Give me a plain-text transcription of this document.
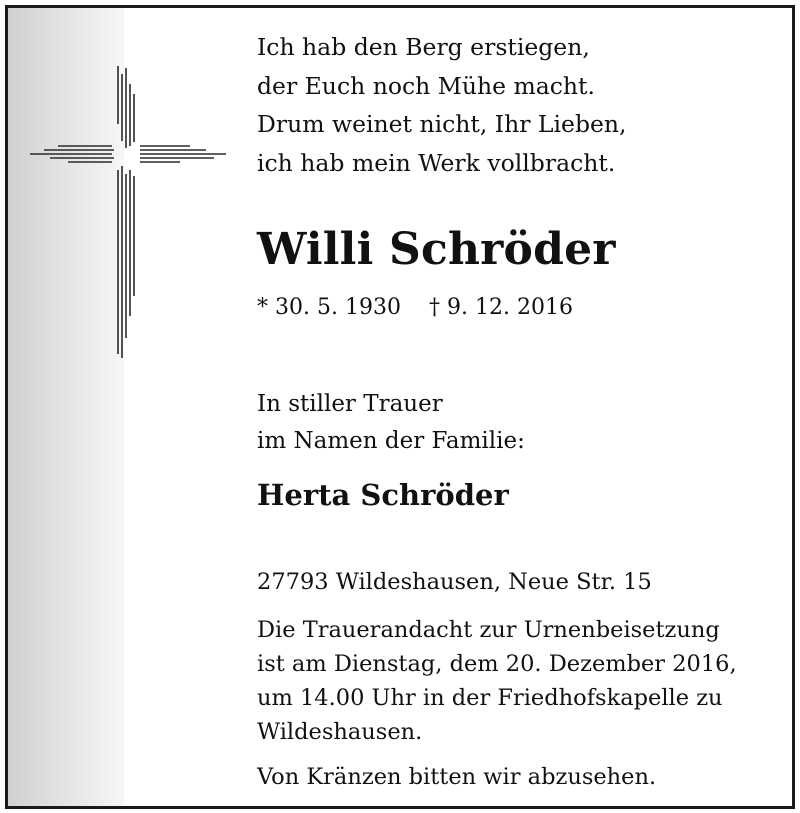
Ich hab den Berg erstiegen,
der Euch noch Mühe macht.
Drum weinet nicht, Ihr Lieben,
ich hab mein Werk vollbracht.
Willi Schröder
* 30. 5. 1930 † 9. 12. 2016
In stiller Trauer
im Namen der Familie:
Herta Schröder
27793 Wildeshausen, Neue Str. 15
Die Trauerandacht zur Urnenbeisetzung
ist am Dienstag, dem 20. Dezember 2016,
um 14.00 Uhr in der Friedhofskapelle zu
Wildeshausen.
Von Kränzen bitten wir abzusehen.
